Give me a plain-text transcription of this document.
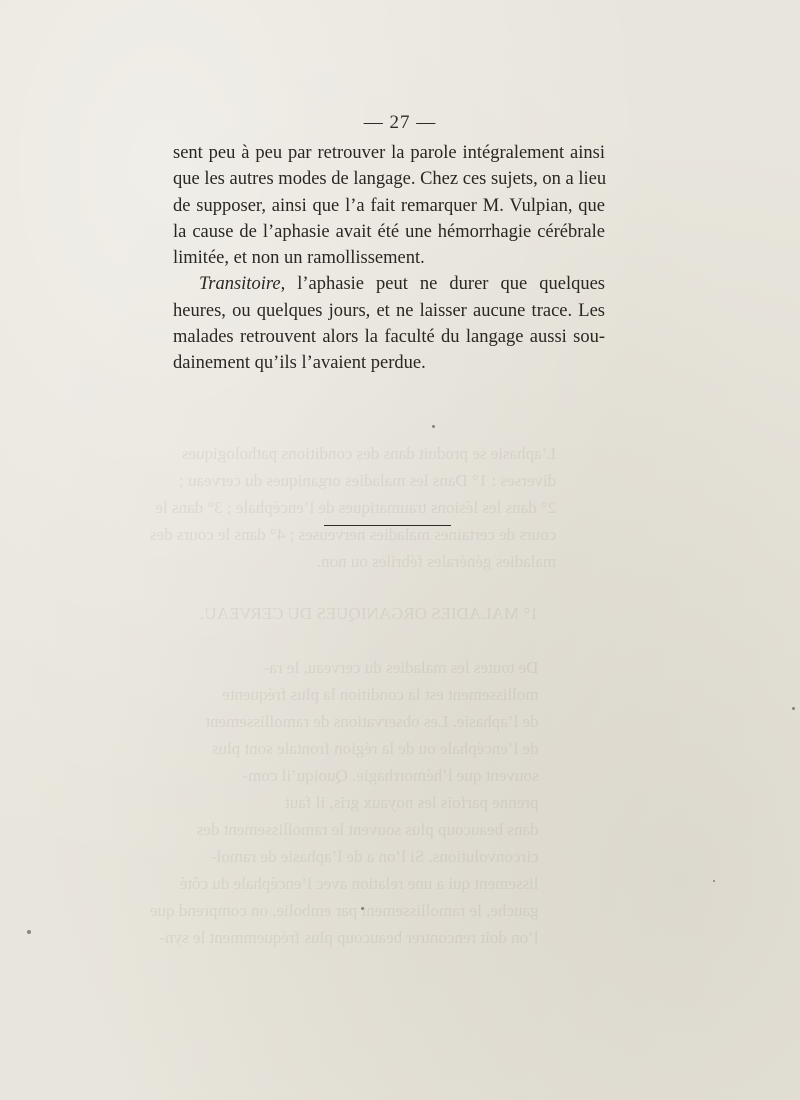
L’aphasie se produit dans des conditions pathologiques
diverses : 1° Dans les maladies organiques du cerveau ;
2° dans les lésions traumatiques de l’encéphale ; 3° dans le
cours de certaines maladies nerveuses ; 4° dans le cours des
maladies générales fébriles ou non.
1° MALADIES ORGANIQUES DU CERVEAU.

De toutes les maladies du cerveau, le ra-
mollissement est la condition la plus fréquente
de l’aphasie. Les observations de ramollissement
de l’encéphale ou de la région frontale sont plus
souvent que l’hémorrhagie. Quoiqu’il com-
prenne parfois les noyaux gris, il faut
dans beaucoup plus souvent le ramollissement des
circonvolutions. Si l’on a de l’aphasie de ramol-
lissement qui a une relation avec l’encéphale du côté
gauche, le ramollissement par embolie, on comprend que
l’on doit rencontrer beaucoup plus fréquemment le syn-
— 27 —
sent peu à peu par retrouver la parole intégralement ainsi
que les autres modes de langage. Chez ces sujets, on a lieu
de supposer, ainsi que l’a fait remarquer M. Vulpian, que
la cause de l’aphasie avait été une hémorrhagie cérébrale
limitée, et non un ramollissement.
Transitoire, l’aphasie peut ne durer que quelques
heures, ou quelques jours, et ne laisser aucune trace. Les
malades retrouvent alors la faculté du langage aussi sou-
dainement qu’ils l’avaient perdue.
